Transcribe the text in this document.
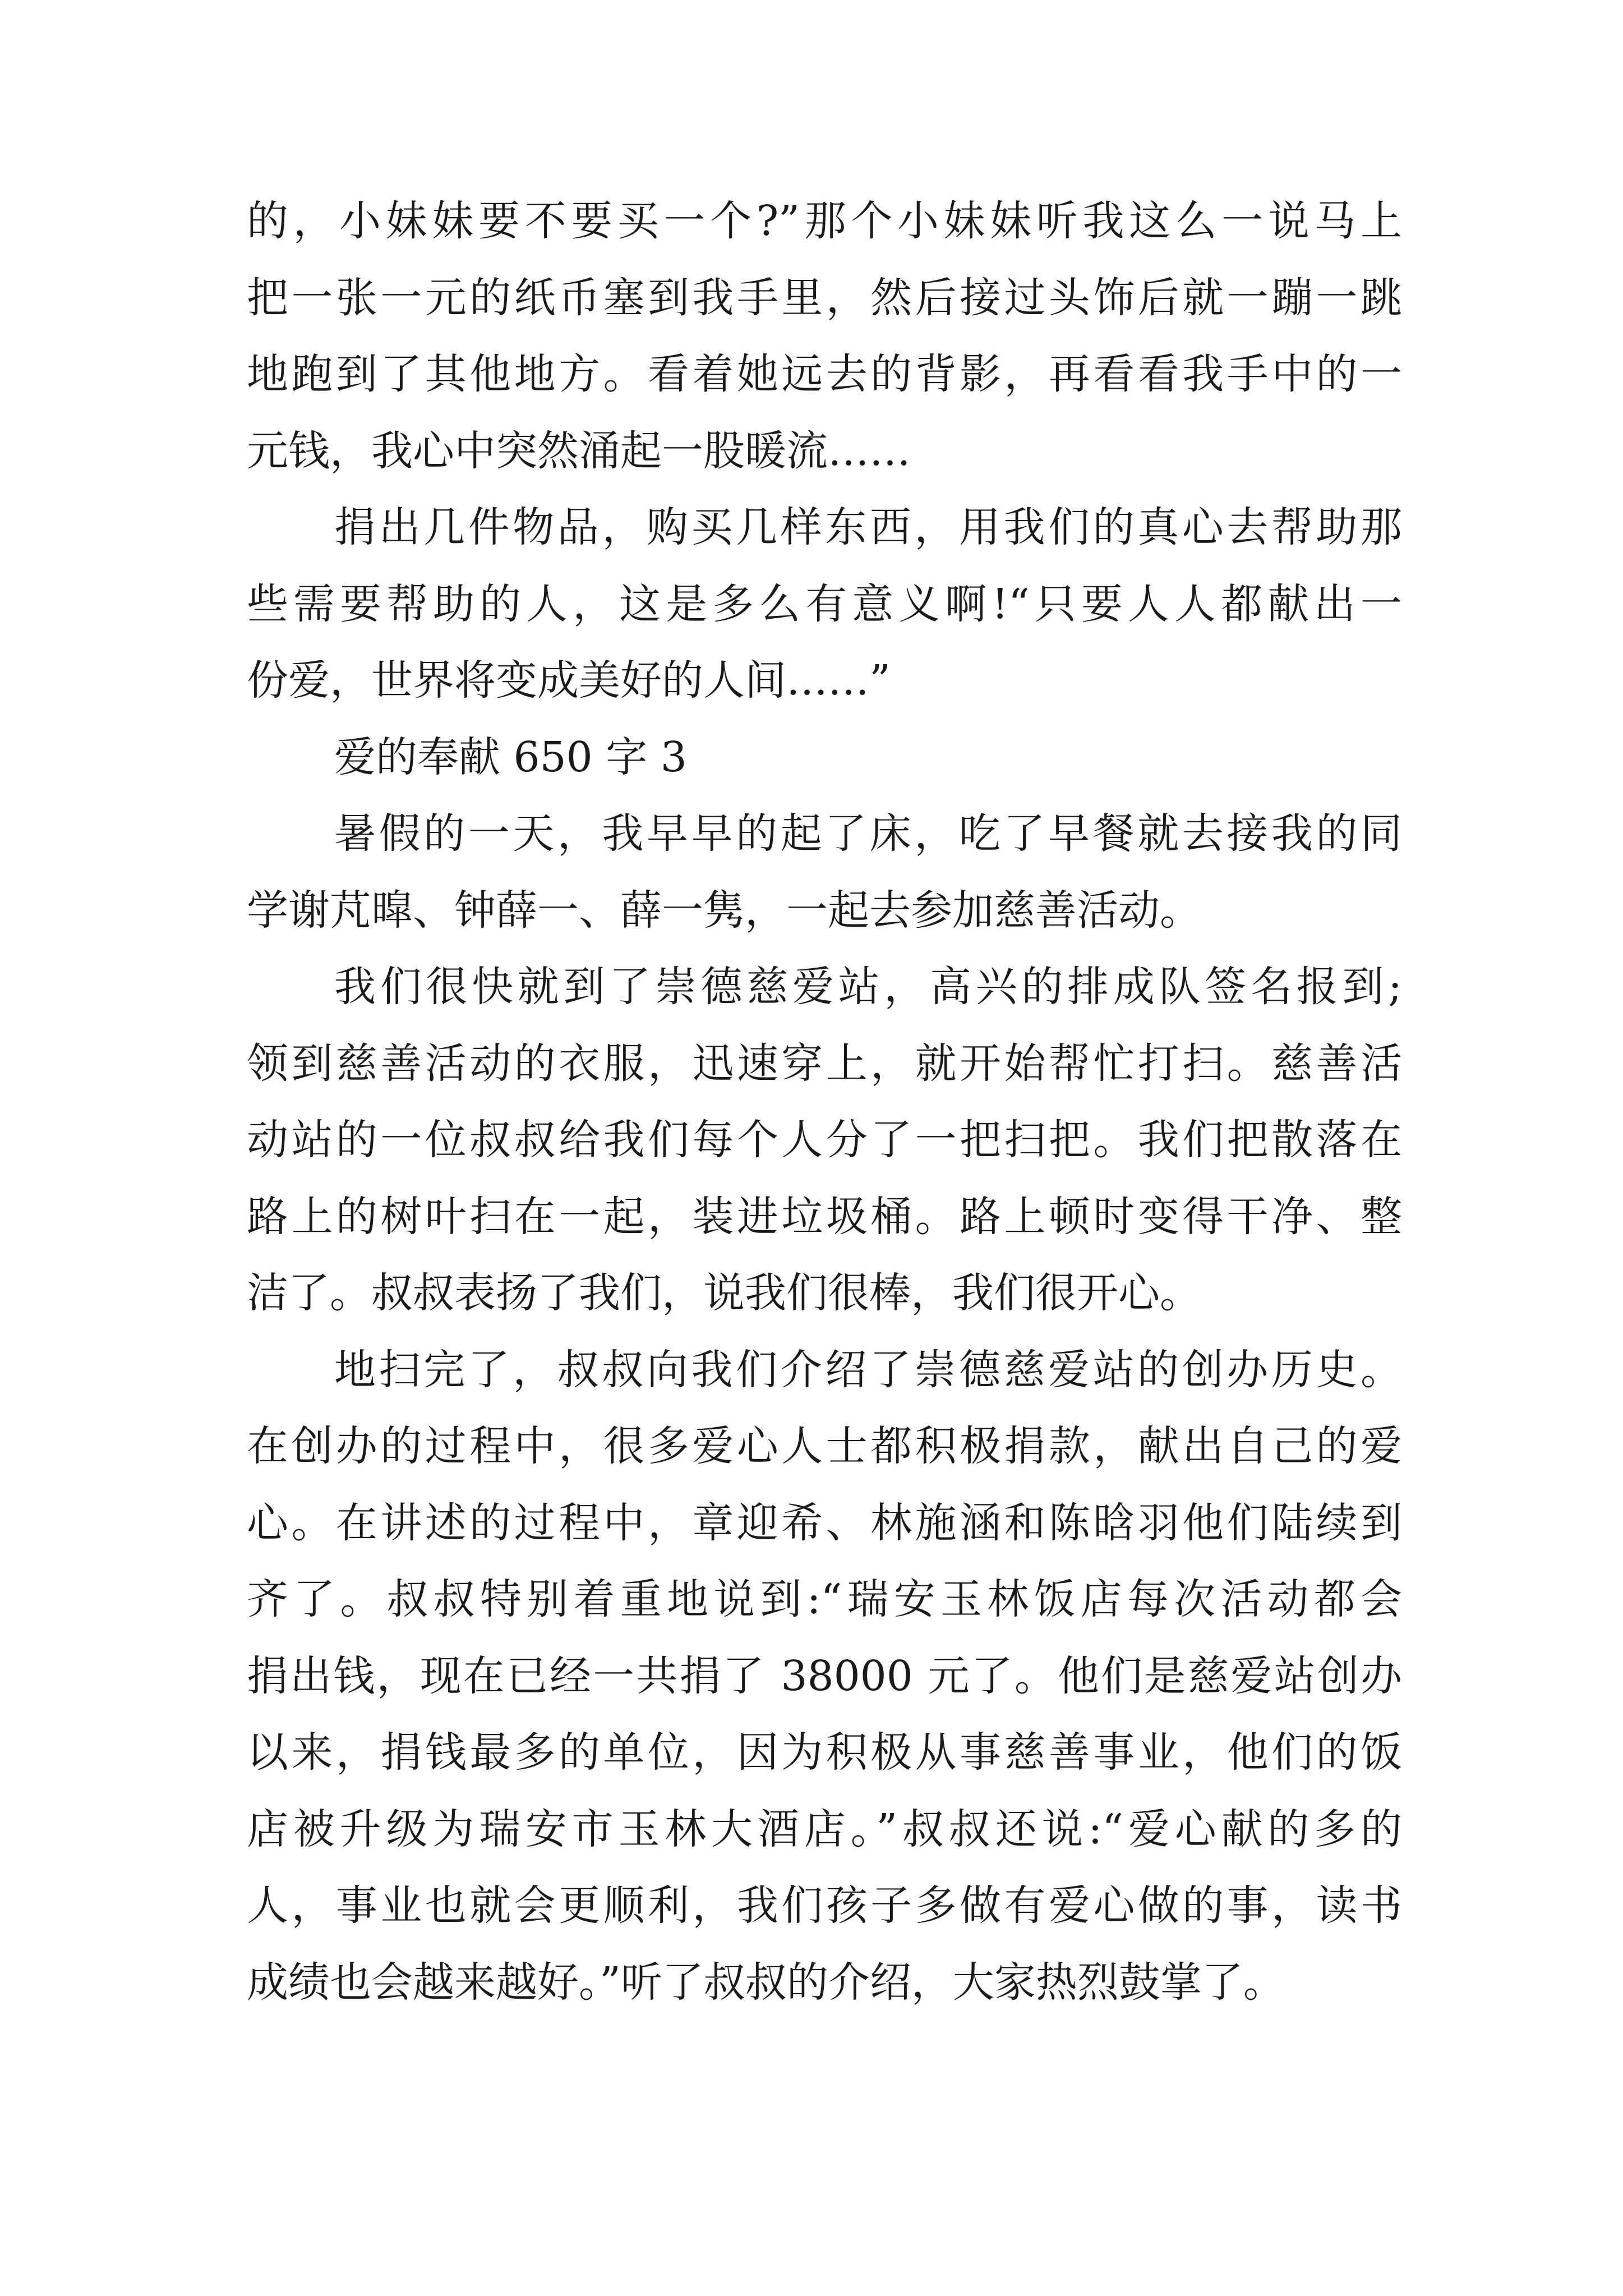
的，小妹妹要不要买一个?”那个小妹妹听我这么一说马上
把一张一元的纸币塞到我手里，然后接过头饰后就一蹦一跳
地跑到了其他地方。看着她远去的背影，再看看我手中的一
元钱，我心中突然涌起一股暖流……
捐出几件物品，购买几样东西，用我们的真心去帮助那
些需要帮助的人，这是多么有意义啊!“只要人人都献出一
份爱，世界将变成美好的人间……”
爱的奉献 650 字 3
暑假的一天，我早早的起了床，吃了早餐就去接我的同
学谢芃暭、钟薛一、薛一隽，一起去参加慈善活动。
我们很快就到了崇德慈爱站，高兴的排成队签名报到;
领到慈善活动的衣服，迅速穿上，就开始帮忙打扫。慈善活
动站的一位叔叔给我们每个人分了一把扫把。我们把散落在
路上的树叶扫在一起，装进垃圾桶。路上顿时变得干净、整
洁了。叔叔表扬了我们，说我们很棒，我们很开心。
地扫完了，叔叔向我们介绍了崇德慈爱站的创办历史。
在创办的过程中，很多爱心人士都积极捐款，献出自己的爱
心。在讲述的过程中，章迎希、林施涵和陈晗羽他们陆续到
齐了。叔叔特别着重地说到:“瑞安玉林饭店每次活动都会
捐出钱，现在已经一共捐了 38000 元了。他们是慈爱站创办
以来，捐钱最多的单位，因为积极从事慈善事业，他们的饭
店被升级为瑞安市玉林大酒店。”叔叔还说:“爱心献的多的
人，事业也就会更顺利，我们孩子多做有爱心做的事，读书
成绩也会越来越好。”听了叔叔的介绍，大家热烈鼓掌了。
